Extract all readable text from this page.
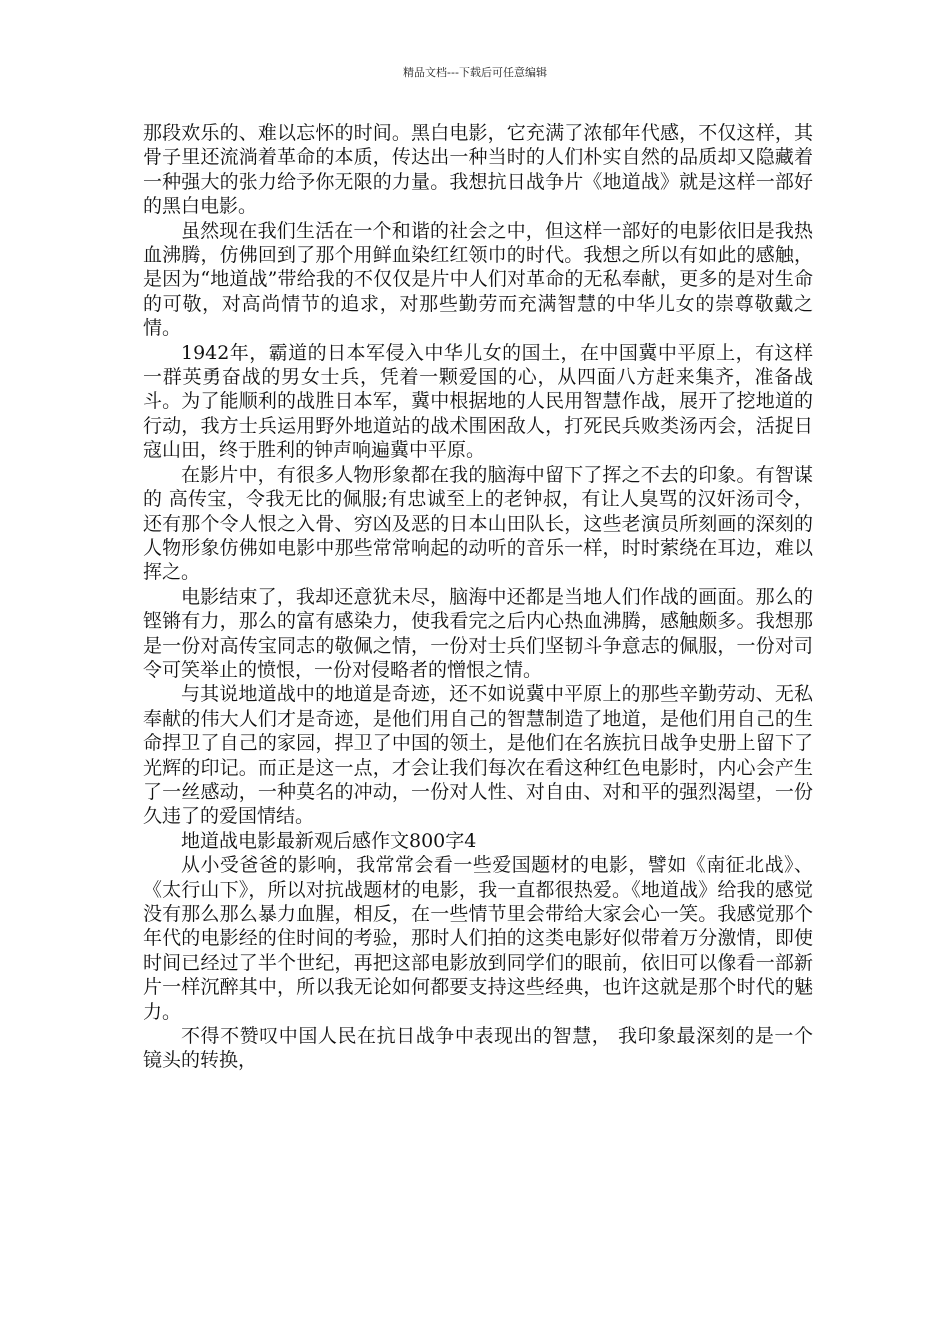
精品文档---下载后可任意编辑

那段欢乐的、难以忘怀的时间。黑白电影，它充满了浓郁年代感，不仅这样，其骨子里还流淌着革命的本质，传达出一种当时的人们朴实自然的品质却又隐藏着一种强大的张力给予你无限的力量。我想抗日战争片《地道战》就是这样一部好的黑白电影。

虽然现在我们生活在一个和谐的社会之中，但这样一部好的电影依旧是我热血沸腾，仿佛回到了那个用鲜血染红红领巾的时代。我想之所以有如此的感触，是因为“地道战”带给我的不仅仅是片中人们对革命的无私奉献，更多的是对生命的可敬，对高尚情节的追求，对那些勤劳而充满智慧的中华儿女的崇尊敬戴之情。

1942年，霸道的日本军侵入中华儿女的国土，在中国冀中平原上，有这样一群英勇奋战的男女士兵，凭着一颗爱国的心，从四面八方赶来集齐，准备战斗。为了能顺利的战胜日本军，冀中根据地的人民用智慧作战，展开了挖地道的行动，我方士兵运用野外地道站的战术围困敌人，打死民兵败类汤丙会，活捉日寇山田，终于胜利的钟声响遍冀中平原。

在影片中，有很多人物形象都在我的脑海中留下了挥之不去的印象。有智谋的 高传宝，令我无比的佩服;有忠诚至上的老钟叔，有让人臭骂的汉奸汤司令，还有那个令人恨之入骨、穷凶及恶的日本山田队长，这些老演员所刻画的深刻的人物形象仿佛如电影中那些常常响起的动听的音乐一样，时时萦绕在耳边，难以挥之。

电影结束了，我却还意犹未尽，脑海中还都是当地人们作战的画面。那么的铿锵有力，那么的富有感染力，使我看完之后内心热血沸腾，感触颇多。我想那是一份对高传宝同志的敬佩之情，一份对士兵们坚韧斗争意志的佩服，一份对司令可笑举止的愤恨，一份对侵略者的憎恨之情。

与其说地道战中的地道是奇迹，还不如说冀中平原上的那些辛勤劳动、无私奉献的伟大人们才是奇迹，是他们用自己的智慧制造了地道，是他们用自己的生命捍卫了自己的家园，捍卫了中国的领土，是他们在名族抗日战争史册上留下了光辉的印记。而正是这一点，才会让我们每次在看这种红色电影时，内心会产生了一丝感动，一种莫名的冲动，一份对人性、对自由、对和平的强烈渴望，一份久违了的爱国情结。

地道战电影最新观后感作文800字4

从小受爸爸的影响，我常常会看一些爱国题材的电影，譬如《南征北战》、《太行山下》，所以对抗战题材的电影，我一直都很热爱。《地道战》给我的感觉没有那么那么暴力血腥，相反，在一些情节里会带给大家会心一笑。我感觉那个年代的电影经的住时间的考验，那时人们拍的这类电影好似带着万分激情，即使时间已经过了半个世纪，再把这部电影放到同学们的眼前，依旧可以像看一部新片一样沉醉其中，所以我无论如何都要支持这些经典，也许这就是那个时代的魅力。

不得不赞叹中国人民在抗日战争中表现出的智慧， 我印象最深刻的是一个镜头的转换，
